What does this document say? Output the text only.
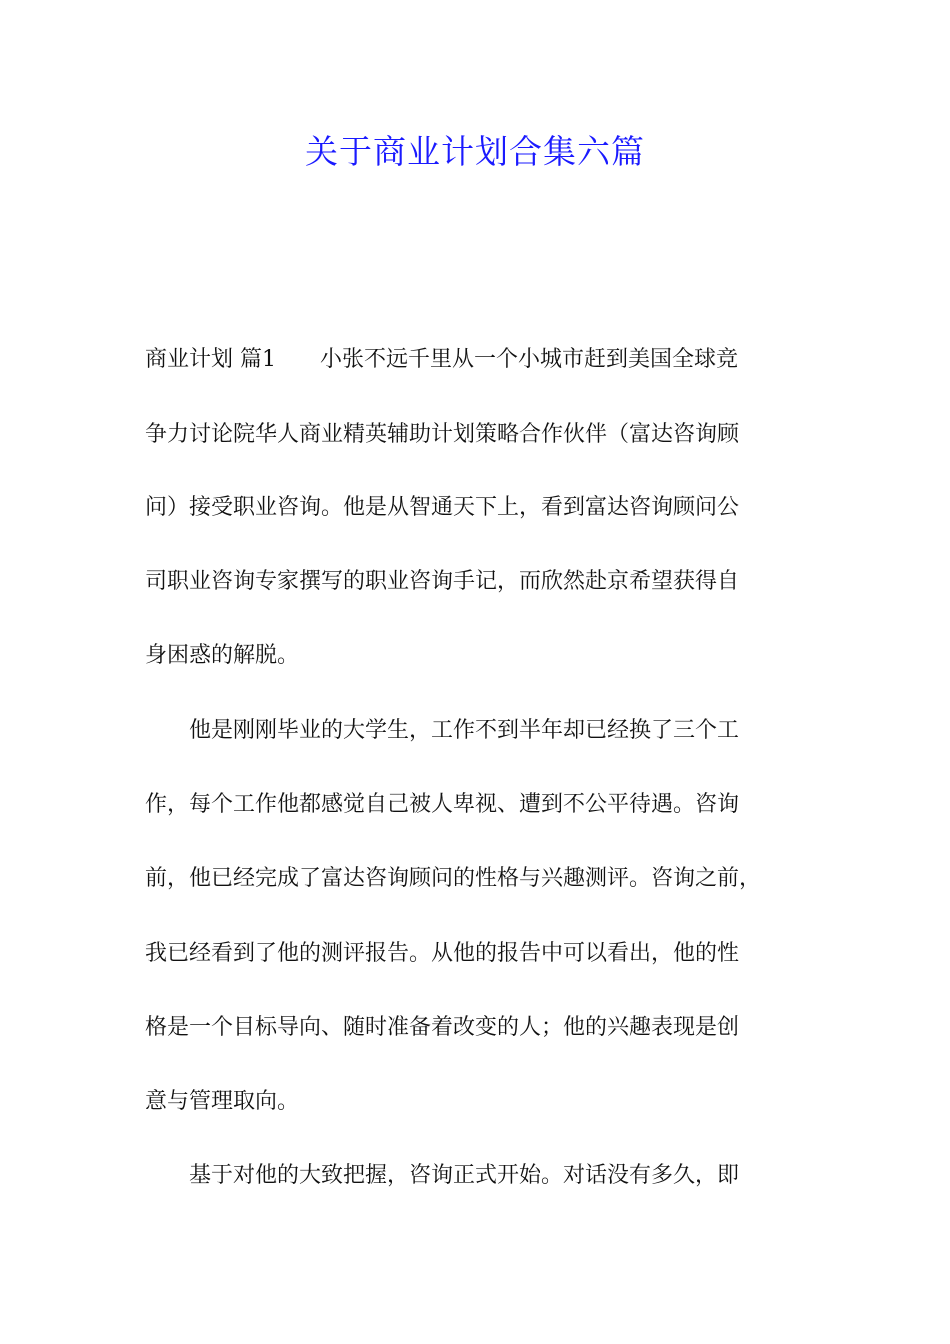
关于商业计划合集六篇

商业计划 篇1　　小张不远千里从一个小城市赶到美国全球竞

争力讨论院华人商业精英辅助计划策略合作伙伴（富达咨询顾

问）接受职业咨询。他是从智通天下上，看到富达咨询顾问公

司职业咨询专家撰写的职业咨询手记，而欣然赴京希望获得自

身困惑的解脱。

　　他是刚刚毕业的大学生，工作不到半年却已经换了三个工

作，每个工作他都感觉自己被人卑视、遭到不公平待遇。咨询

前，他已经完成了富达咨询顾问的性格与兴趣测评。咨询之前，

我已经看到了他的测评报告。从他的报告中可以看出，他的性

格是一个目标导向、随时准备着改变的人；他的兴趣表现是创

意与管理取向。

　　基于对他的大致把握，咨询正式开始。对话没有多久，即
